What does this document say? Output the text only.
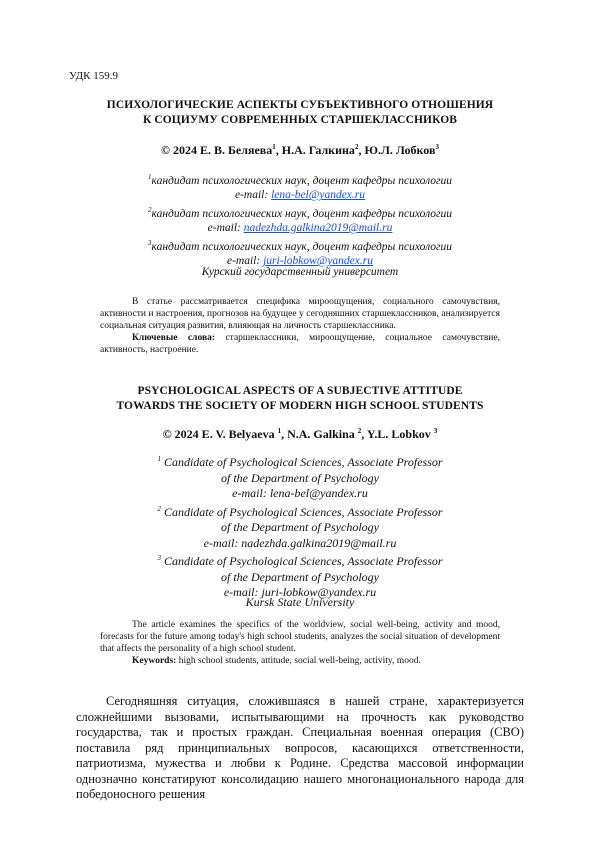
УДК 159.9
ПСИХОЛОГИЧЕСКИЕ АСПЕКТЫ СУБЪЕКТИВНОГО ОТНОШЕНИЯ
К СОЦИУМУ СОВРЕМЕННЫХ СТАРШЕКЛАССНИКОВ
© 2024 Е. В. Беляева$^1$, Н.А. Галкина$^2$, Ю.Л. Лобков$^3$
$^1$кандидат психологических наук, доцент кафедры психологии
e-mail: lena-bel@yandex.ru
$^2$кандидат психологических наук, доцент кафедры психологии
e-mail: nadezhda.galkina2019@mail.ru
$^3$кандидат психологических наук, доцент кафедры психологии
e-mail: juri-lobkow@yandex.ru
Курский государственный университет

В статье рассматривается специфика мироощущения, социального самочувствия, активности и настроения, прогнозов на будущее у сегодняшних старшеклассников, анализируется социальная ситуация развития, влияющая на личность старшеклассника.

Ключевые слова: старшеклассники, мироощущение, социальное самочувствие, активность, настроение.

PSYCHOLOGICAL ASPECTS OF A SUBJECTIVE ATTITUDE
TOWARDS THE SOCIETY OF MODERN HIGH SCHOOL STUDENTS
© 2024 E. V. Belyaeva $^1$, N.A. Galkina $^2$, Y.L. Lobkov $^3$
$^1$ Candidate of Psychological Sciences, Associate Professor
of the Department of Psychology
e-mail: lena-bel@yandex.ru
$^2$ Candidate of Psychological Sciences, Associate Professor
of the Department of Psychology
e-mail: nadezhda.galkina2019@mail.ru
$^3$ Candidate of Psychological Sciences, Associate Professor
of the Department of Psychology
e-mail: juri-lobkow@yandex.ru
Kursk State University

The article examines the specifics of the worldview, social well-being, activity and mood, forecasts for the future among today's high school students, analyzes the social situation of development that affects the personality of a high school student.

Keywords: high school students, attitude, social well-being, activity, mood.

Сегодняшняя ситуация, сложившаяся в нашей стране, характеризуется сложнейшими вызовами, испытывающими на прочность как руководство государства, так и простых граждан. Специальная военная операция (СВО) поставила ряд принципиальных вопросов, касающихся ответственности, патриотизма, мужества и любви к Родине. Средства массовой информации однозначно констатируют консолидацию нашего многонационального народа для победоносного решения
